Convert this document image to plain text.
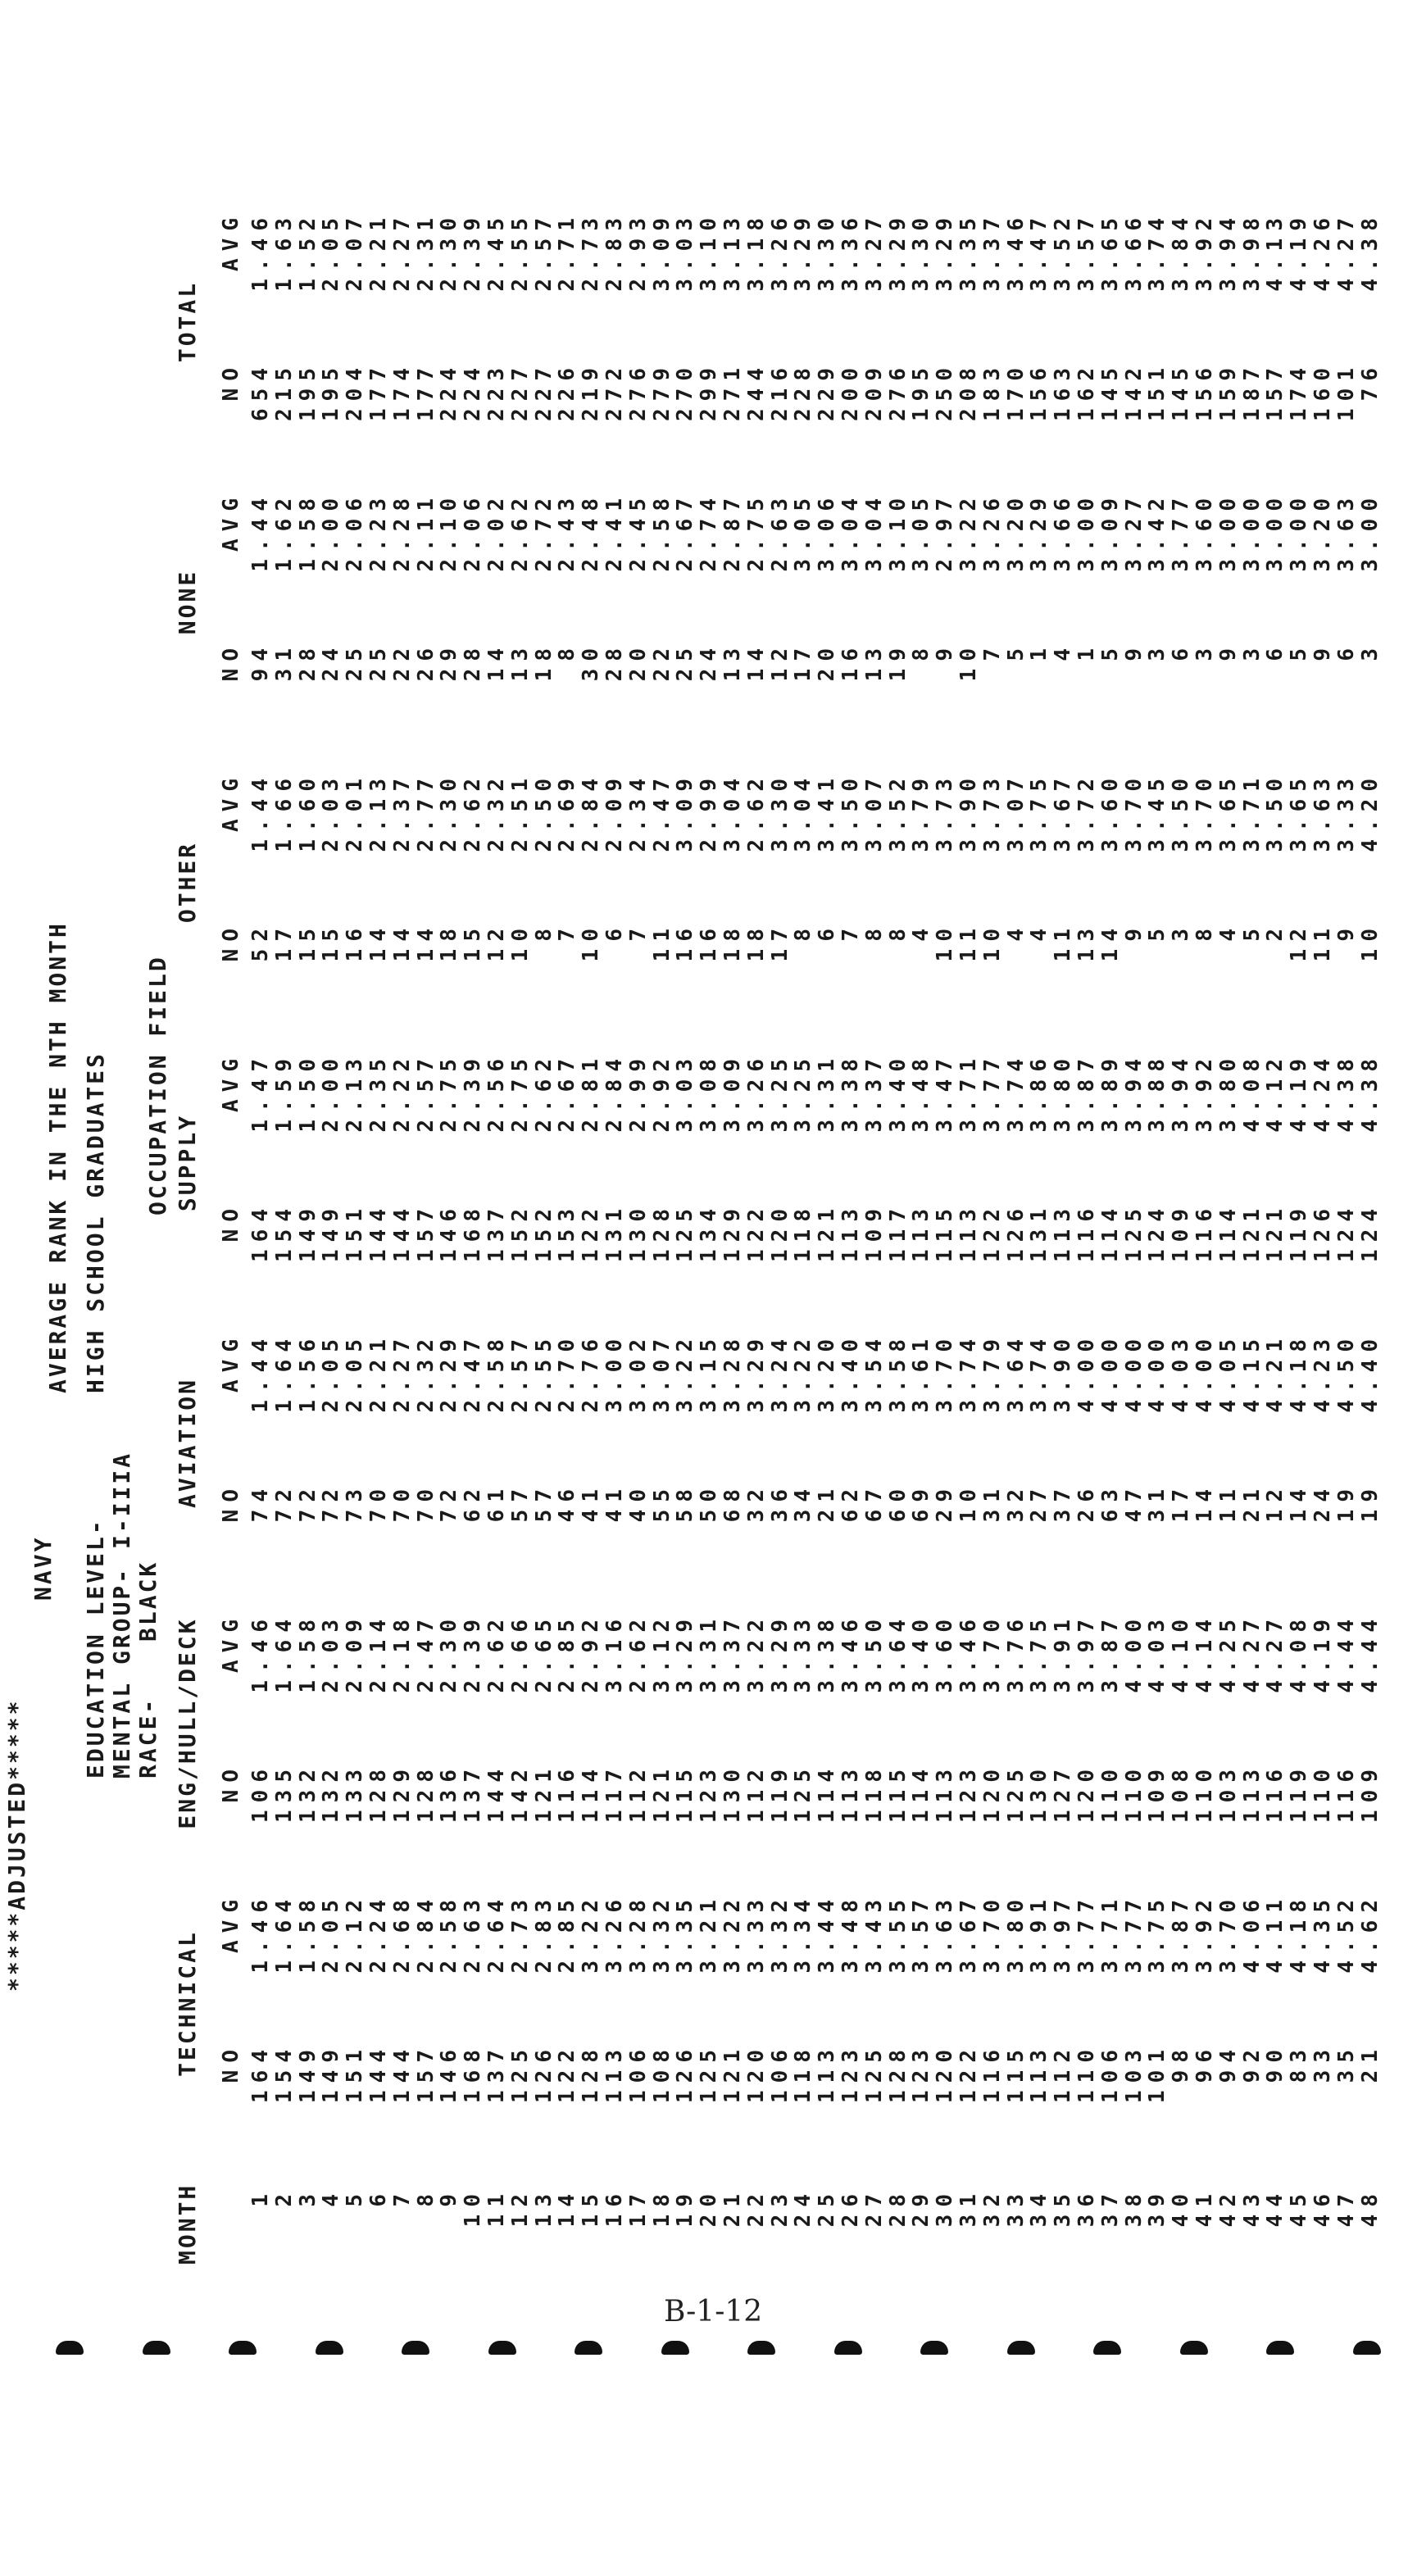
*****ADJUSTED*****
NAVY
AVERAGE RANK IN THE NTH MONTH
EDUCATION LEVEL-
HIGH SCHOOL GRADUATES
MENTAL GROUP-
I-IIIA
RACE-
BLACK
OCCUPATION FIELD
MONTH 1
2
3
4
5
6
7
8
9
10
11
12
13
14
15
16
17
18
19
20
21
22
23
24
25
26
27
28
29
30
31
32
33
34
35
36
37
38
39
40
41
42
43
44
45
46
47
48
TECHNICAL NO
AVG
164
154
149
149
151
144
144
157
146
168
137
125
126
122
128
113
106
108
126
125
121
120
106
118
113
123
125
128
123
120
122
116
115
113
112
110
106
103
101
98
96
94
92
90
83
33
35
21
1.46
1.64
1.58
2.05
2.12
2.24
2.68
2.84
2.58
2.63
2.64
2.73
2.83
2.85
3.22
3.26
3.28
3.32
3.35
3.21
3.22
3.33
3.32
3.34
3.44
3.48
3.43
3.55
3.57
3.63
3.67
3.70
3.80
3.91
3.97
3.77
3.71
3.77
3.75
3.87
3.92
3.70
4.06
4.11
4.18
4.35
4.52
4.62
ENG/HULL/DECK NO
AVG
106
135
132
132
133
128
129
128
136
137
144
142
121
116
114
117
112
121
115
123
130
112
119
125
114
113
118
115
114
113
123
120
125
130
127
120
110
110
109
108
110
103
113
116
119
110
116
109
1.46
1.64
1.58
2.03
2.09
2.14
2.18
2.47
2.30
2.39
2.62
2.66
2.65
2.85
2.92
3.16
2.62
3.12
3.29
3.31
3.37
3.22
3.29
3.33
3.38
3.46
3.50
3.64
3.40
3.60
3.46
3.70
3.76
3.75
3.91
3.97
3.87
4.00
4.03
4.10
4.14
4.25
4.27
4.27
4.08
4.19
4.44
4.44
AVIATION NO
AVG
74
72
72
72
73
70
70
70
72
62
61
57
57
46
41
41
40
55
58
50
68
32
36
34
21
62
67
60
69
29
10
31
32
27
37
26
63
47
31
17
14
11
21
12
14
24
19
19
1.44
1.64
1.56
2.05
2.05
2.21
2.27
2.32
2.29
2.47
2.58
2.57
2.55
2.70
2.76
3.00
3.02
3.07
3.22
3.15
3.28
3.29
3.24
3.22
3.20
3.40
3.54
3.58
3.61
3.70
3.74
3.79
3.64
3.74
3.90
4.00
4.00
4.00
4.00
4.03
4.00
4.05
4.15
4.21
4.18
4.23
4.50
4.40
SUPPLY
NO
AVG
164
154
149
149
151
144
144
157
146
168
137
152
152
153
122
131
130
128
125
134
129
122
120
118
121
113
109
117
113
115
113
122
126
131
113
116
114
125
124
109
116
114
121
121
119
126
124
124
1.47
1.59
1.50
2.00
2.13
2.35
2.22
2.57
2.75
2.39
2.56
2.75
2.62
2.67
2.81
2.84
2.99
2.92
3.03
3.08
3.09
3.26
3.25
3.25
3.31
3.38
3.37
3.40
3.48
3.47
3.71
3.77
3.74
3.86
3.80
3.87
3.89
3.94
3.88
3.94
3.92
3.80
4.08
4.12
4.19
4.24
4.38
4.38
OTHER
NO
AVG
52
17
15
15
16
14
14
14
18
15
12
10
8
7
10
6
7
11
16
16
18
18
17
8
6
7
8
8
4
10
11
10
4
4
11
13
14
9
5
3
8
4
5
2
12
11
9
10
1.44
1.66
1.60
2.03
2.01
2.13
2.37
2.77
2.30
2.62
2.32
2.51
2.50
2.69
2.84
2.09
2.34
2.47
3.09
2.99
3.04
2.62
3.30
3.04
3.41
3.50
3.07
3.52
3.79
3.73
3.90
3.73
3.07
3.75
3.67
3.72
3.60
3.70
3.45
3.50
3.70
3.65
3.71
3.50
3.65
3.63
3.33
4.20
NONE
NO
AVG
94
31
28
24
25
25
22
26
29
28
14
13
18
8
30
28
20
22
25
24
13
14
12
17
20
16
13
19
8
9
10
7
5
1
4
1
5
9
3
6
3
9
3
6
5
9
6
3
1.44
1.62
1.58
2.00
2.06
2.23
2.28
2.11
2.10
2.06
2.02
2.62
2.72
2.43
2.48
2.41
2.45
2.58
2.67
2.74
2.87
2.75
2.63
3.05
3.06
3.04
3.04
3.10
3.05
2.97
3.22
3.26
3.20
3.29
3.66
3.00
3.09
3.27
3.42
3.77
3.60
3.00
3.00
3.00
3.00
3.20
3.63
3.00
TOTAL
NO
AVG
654
215
195
195
204
177
174
177
224
224
223
227
227
226
219
272
276
279
270
299
271
244
216
228
229
200
209
276
195
250
208
183
170
156
163
162
145
142
151
145
156
159
187
157
174
160
101
76
1.46
1.63
1.52
2.05
2.07
2.21
2.27
2.31
2.30
2.39
2.45
2.55
2.57
2.71
2.73
2.83
2.93
3.09
3.03
3.10
3.13
3.18
3.26
3.29
3.30
3.36
3.27
3.29
3.30
3.29
3.35
3.37
3.46
3.47
3.52
3.57
3.65
3.66
3.74
3.84
3.92
3.94
3.98
4.13
4.19
4.26
4.27
4.38
B-1-12
